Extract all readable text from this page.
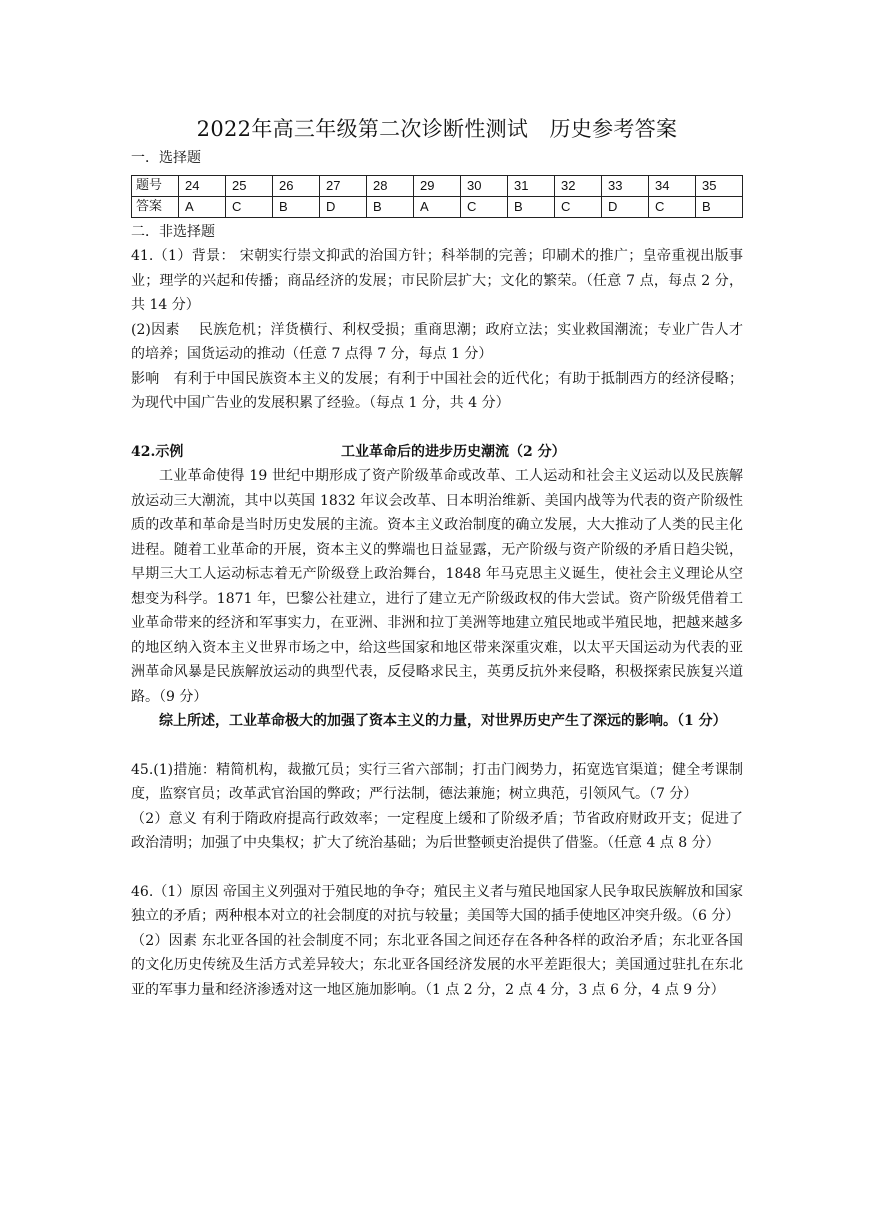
2022年高三年级第二次诊断性测试　历史参考答案

一．选择题

题号	24	25	26	27	28	29	30	31	32	33	34	35
答案	A	C	B	D	B	A	C	B	C	D	C	B

二．非选择题

41.（1）背景： 宋朝实行崇文抑武的治国方针；科举制的完善；印刷术的推广；皇帝重视出版事业；理学的兴起和传播；商品经济的发展；市民阶层扩大；文化的繁荣。（任意 7 点，每点 2 分，共 14 分）

(2)因素　 民族危机；洋货横行、利权受损；重商思潮；政府立法；实业救国潮流；专业广告人才的培养；国货运动的推动（任意 7 点得 7 分，每点 1 分）

影响　有利于中国民族资本主义的发展；有利于中国社会的近代化；有助于抵制西方的经济侵略；为现代中国广告业的发展积累了经验。（每点 1 分，共 4 分）

42.示例	工业革命后的进步历史潮流（2 分）

工业革命使得 19 世纪中期形成了资产阶级革命或改革、工人运动和社会主义运动以及民族解放运动三大潮流，其中以英国 1832 年议会改革、日本明治维新、美国内战等为代表的资产阶级性质的改革和革命是当时历史发展的主流。资本主义政治制度的确立发展，大大推动了人类的民主化进程。随着工业革命的开展，资本主义的弊端也日益显露，无产阶级与资产阶级的矛盾日趋尖锐，早期三大工人运动标志着无产阶级登上政治舞台，1848 年马克思主义诞生，使社会主义理论从空想变为科学。1871 年，巴黎公社建立，进行了建立无产阶级政权的伟大尝试。资产阶级凭借着工业革命带来的经济和军事实力，在亚洲、非洲和拉丁美洲等地建立殖民地或半殖民地，把越来越多的地区纳入资本主义世界市场之中，给这些国家和地区带来深重灾难，以太平天国运动为代表的亚洲革命风暴是民族解放运动的典型代表，反侵略求民主，英勇反抗外来侵略，积极探索民族复兴道路。（9 分）

综上所述，工业革命极大的加强了资本主义的力量，对世界历史产生了深远的影响。（1 分）

45.(1)措施：精简机构，裁撤冗员；实行三省六部制；打击门阀势力，拓宽选官渠道；健全考课制度，监察官员；改革武官治国的弊政；严行法制，德法兼施；树立典范，引领风气。（7 分）

（2）意义 有利于隋政府提高行政效率；一定程度上缓和了阶级矛盾；节省政府财政开支；促进了政治清明；加强了中央集权；扩大了统治基础；为后世整顿吏治提供了借鉴。（任意 4 点 8 分）

46.（1）原因 帝国主义列强对于殖民地的争夺；殖民主义者与殖民地国家人民争取民族解放和国家独立的矛盾；两种根本对立的社会制度的对抗与较量；美国等大国的插手使地区冲突升级。（6 分）

（2）因素 东北亚各国的社会制度不同；东北亚各国之间还存在各种各样的政治矛盾；东北亚各国的文化历史传统及生活方式差异较大；东北亚各国经济发展的水平差距很大；美国通过驻扎在东北亚的军事力量和经济渗透对这一地区施加影响。（1 点 2 分，2 点 4 分，3 点 6 分，4 点 9 分）
